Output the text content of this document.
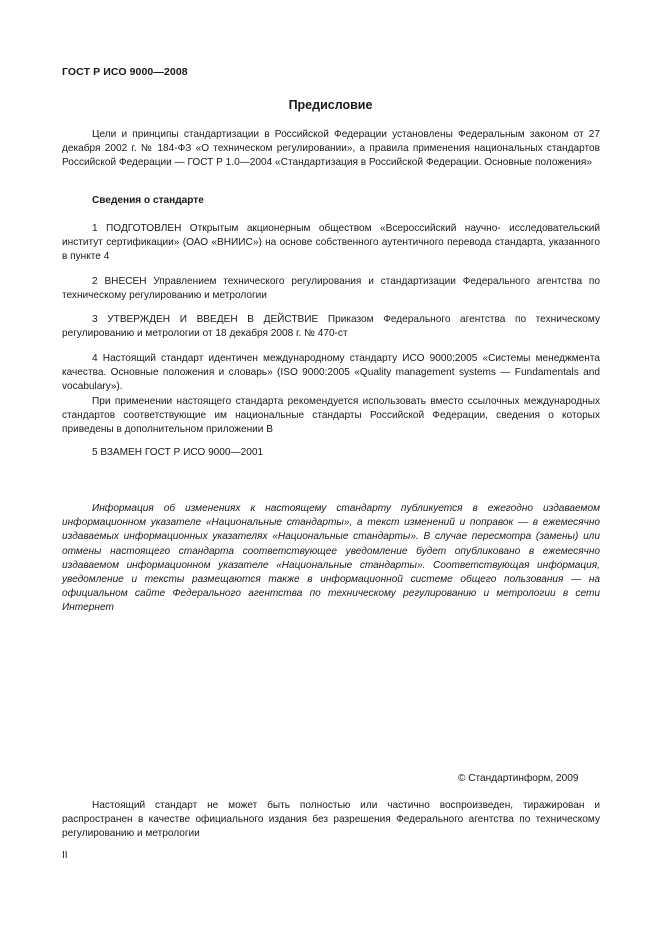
ГОСТ Р ИСО 9000—2008
Предисловие

Цели и принципы стандартизации в Российской Федерации установлены Федеральным законом от 27 декабря 2002 г. № 184-ФЗ «О техническом регулировании», а правила применения национальных стандартов Российской Федерации — ГОСТ Р 1.0—2004 «Стандартизация в Российской Федерации. Основные положения»

Сведения о стандарте

1 ПОДГОТОВЛЕН Открытым акционерным обществом «Всероссийский научно- исследовательский институт сертификации» (ОАО «ВНИИС») на основе собственного аутентичного перевода стандарта, указанного в пункте 4

2 ВНЕСЕН Управлением технического регулирования и стандартизации Федерального агентства по техническому регулированию и метрологии

3 УТВЕРЖДЕН И ВВЕДЕН В ДЕЙСТВИЕ Приказом Федерального агентства по техническому регулированию и метрологии от 18 декабря 2008 г. № 470-ст

4 Настоящий стандарт идентичен международному стандарту ИСО 9000:2005 «Системы менеджмента качества. Основные положения и словарь» (ISO 9000:2005 «Quality management systems — Fundamentals and vocabulary»).

При применении настоящего стандарта рекомендуется использовать вместо ссылочных международных стандартов соответствующие им национальные стандарты Российской Федерации, сведения о которых приведены в дополнительном приложении В

5 ВЗАМЕН ГОСТ Р ИСО 9000—2001

Информация об изменениях к настоящему стандарту публикуется в ежегодно издаваемом информационном указателе «Национальные стандарты», а текст изменений и поправок — в ежемесячно издаваемых информационных указателях «Национальные стандарты». В случае пересмотра (замены) или отмены настоящего стандарта соответствующее уведомление будет опубликовано в ежемесячно издаваемом информационном указателе «Национальные стандарты». Соответствующая информация, уведомление и тексты размещаются также в информационной системе общего пользования — на официальном сайте Федерального агентства по техническому регулированию и метрологии в сети Интернет

© Стандартинформ, 2009

Настоящий стандарт не может быть полностью или частично воспроизведен, тиражирован и распространен в качестве официального издания без разрешения Федерального агентства по техническому регулированию и метрологии

II
